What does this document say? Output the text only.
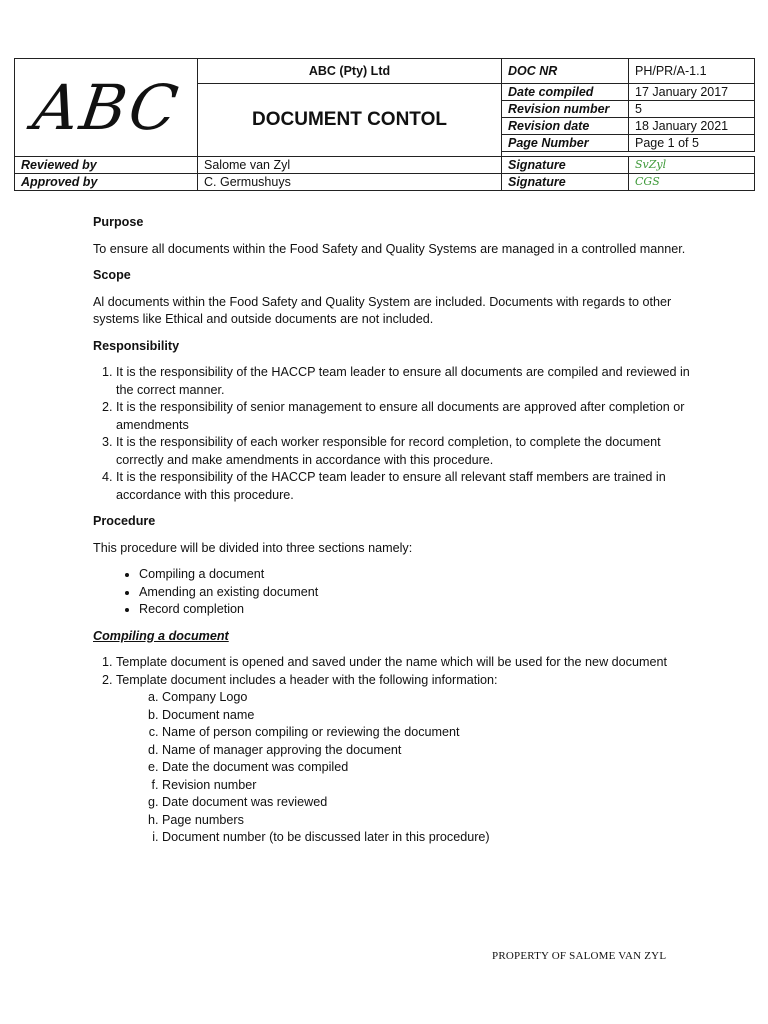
ABC	ABC (Pty) Ltd	DOC NR	PH/PR/A-1.1
	DOCUMENT CONTOL	Date compiled	17 January 2017
		Revision number	5
		Revision date	18 January 2021
		Page Number	Page 1 of 5

Reviewed by	Salome van Zyl	Signature	SvZyl
Approved by	C. Germushuys	Signature	CGS
Purpose
To ensure all documents within the Food Safety and Quality Systems are managed in a controlled manner.
Scope
Al documents within the Food Safety and Quality System are included. Documents with regards to other systems like Ethical and outside documents are not included.
Responsibility
1. It is the responsibility of the HACCP team leader to ensure all documents are compiled and reviewed in the correct manner.
2. It is the responsibility of senior management to ensure all documents are approved after completion or amendments
3. It is the responsibility of each worker responsible for record completion, to complete the document correctly and make amendments in accordance with this procedure.
4. It is the responsibility of the HACCP team leader to ensure all relevant staff members are trained in accordance with this procedure.
Procedure
This procedure will be divided into three sections namely:
• Compiling a document
• Amending an existing document
• Record completion
Compiling a document
1. Template document is opened and saved under the name which will be used for the new document
2. Template document includes a header with the following information:
a. Company Logo
b. Document name
c. Name of person compiling or reviewing the document
d. Name of manager approving the document
e. Date the document was compiled
f. Revision number
g. Date document was reviewed
h. Page numbers
i. Document number (to be discussed later in this procedure)
PROPERTY OF SALOME VAN ZYL
